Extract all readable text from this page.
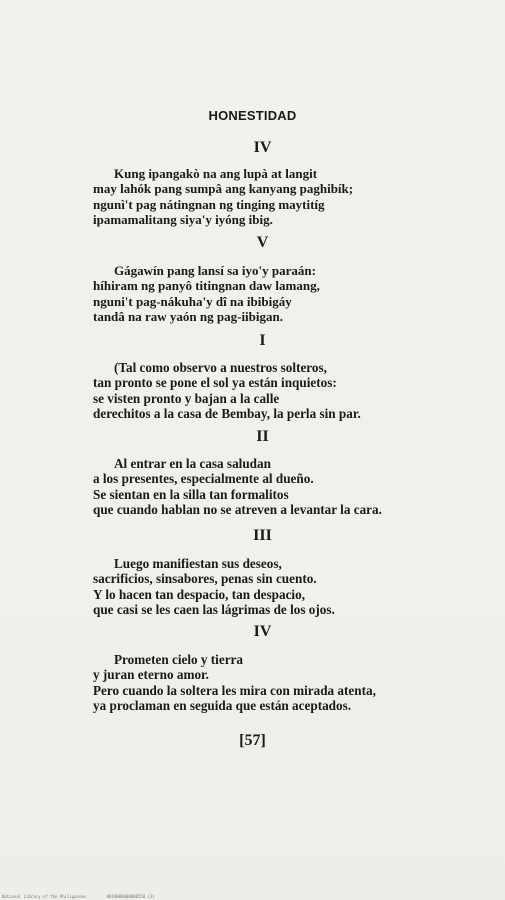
HONESTIDAD
IV
Kung ipangakò na ang lupà at langit
may lahók pang sumpâ ang kanyang paghibík;
ngunì't pag nátingnan ng tinging maytitíg
ipamamalitang siya'y iyóng ibig.
V
Gágawín pang lansí sa iyo'y paraán:
híhiram ng panyô titingnan daw lamang,
nguni't pag-nákuha'y dî na ibibigáy
tandâ na raw yaón ng pag-iibigan.
I
(Tal como observo a nuestros solteros,
tan pronto se pone el sol ya están inquietos:
se visten pronto y bajan a la calle
derechitos a la casa de Bembay, la perla sin par.
II
Al entrar en la casa saludan
a los presentes, especialmente al dueño.
Se sientan en la silla tan formalitos
que cuando hablan no se atreven a levantar la cara.
III
Luego manifiestan sus deseos,
sacrificios, sinsabores, penas sin cuento.
Y lo hacen tan despacio, tan despacio,
que casi se les caen las lágrimas de los ojos.
IV
Prometen cielo y tierra
y juran eterno amor.
Pero cuando la soltera les mira con mirada atenta,
ya proclaman en seguida que están aceptados.
[57]
National Library of the Philippines	0010008000000558 (2)
